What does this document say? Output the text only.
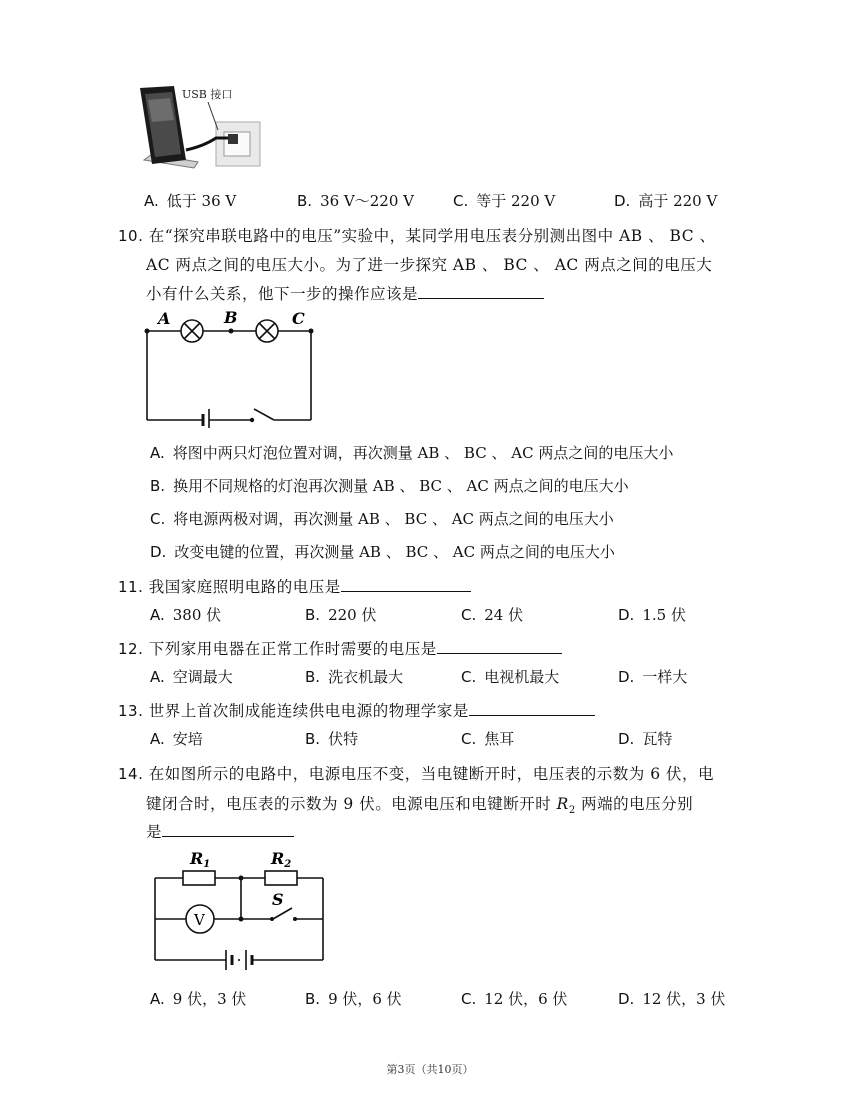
USB 接口
A. 低于 36 V	B. 36 V～220 V	C. 等于 220 V	D. 高于 220 V
10. 在“探究串联电路中的电压”实验中，某同学用电压表分别测出图中 AB 、 BC 、
AC 两点之间的电压大小。为了进一步探究 AB 、 BC 、 AC 两点之间的电压大
小有什么关系，他下一步的操作应该是
A	B	C
A. 将图中两只灯泡位置对调，再次测量 AB 、 BC 、 AC 两点之间的电压大小
B. 换用不同规格的灯泡再次测量 AB 、 BC 、 AC 两点之间的电压大小
C. 将电源两极对调，再次测量 AB 、 BC 、 AC 两点之间的电压大小
D. 改变电键的位置，再次测量 AB 、 BC 、 AC 两点之间的电压大小
11. 我国家庭照明电路的电压是
A. 380 伏	B. 220 伏	C. 24 伏	D. 1.5 伏
12. 下列家用电器在正常工作时需要的电压是
A. 空调最大	B. 洗衣机最大	C. 电视机最大	D. 一样大
13. 世界上首次制成能连续供电电源的物理学家是
A. 安培	B. 伏特	C. 焦耳	D. 瓦特
14. 在如图所示的电路中，电源电压不变，当电键断开时，电压表的示数为 6 伏，电
键闭合时，电压表的示数为 9 伏。电源电压和电键断开时 $R_2$ 两端的电压分别
是
V
R1	R2
S
A. 9 伏，3 伏	B. 9 伏，6 伏	C. 12 伏，6 伏	D. 12 伏，3 伏
第3页（共10页）
